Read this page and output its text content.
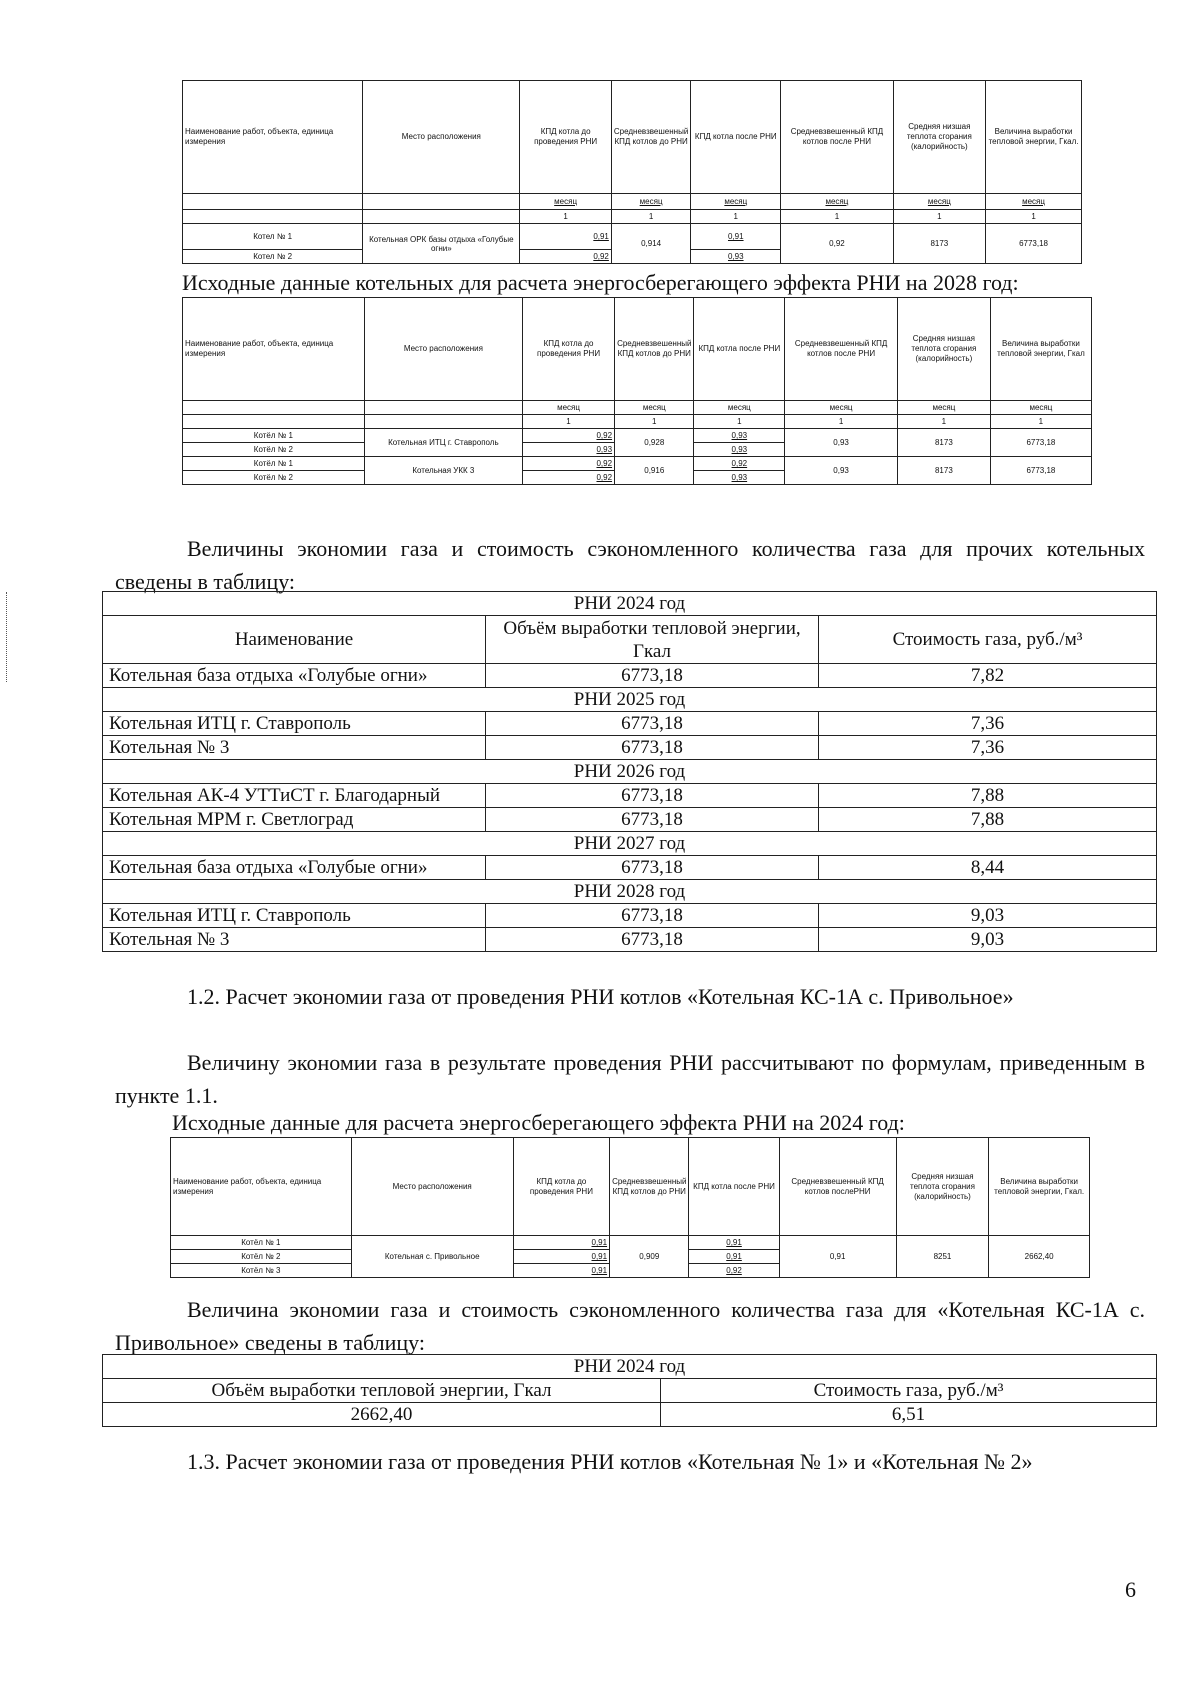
Наименование работ, объекта, единица измерения	Место расположения	КПД котла до проведения РНИ	Средневзвешенный КПД котлов до РНИ	КПД котла после РНИ	Средневзвешенный КПД котлов после РНИ	Средняя низшая теплота сгорания (калорийность)	Величина выработки тепловой энергии, Гкал.
		месяц	месяц	месяц	месяц	месяц	месяц
		1	1	1	1	1	1
Котел № 1	Котельная ОРК базы отдыха «Голубые огни»	0,91	0,914	0,91	0,92	8173	6773,18
Котел № 2		0,92		0,93			
Исходные данные котельных для расчета энергосберегающего эффекта РНИ на 2028 год:
Наименование работ, объекта, единица измерения	Место расположения	КПД котла до проведения РНИ	Средневзвешенный КПД котлов до РНИ	КПД котла после РНИ	Средневзвешенный КПД котлов после РНИ	Средняя низшая теплота сгорания (калорийность)	Величина выработки тепловой энергии, Гкал
		месяц	месяц	месяц	месяц	месяц	месяц
		1	1	1	1	1	1
Котёл № 1	Котельная ИТЦ г. Ставрополь	0,92	0,928	0,93	0,93	8173	6773,18
Котёл № 2		0,93		0,93			
Котёл № 1	Котельная УКК 3	0,92	0,916	0,92	0,93	8173	6773,18
Котёл № 2		0,92		0,93			
Величины экономии газа и стоимость сэкономленного количества газа для прочих котельных сведены в таблицу:
РНИ 2024 год		
Наименование	Объём выработки тепловой энергии, Гкал	Стоимость газа, руб./м³
Котельная база отдыха «Голубые огни»	6773,18	7,82
РНИ 2025 год		
Котельная ИТЦ г. Ставрополь	6773,18	7,36
Котельная № 3	6773,18	7,36
РНИ 2026 год		
Котельная АК-4 УТТиСТ г. Благодарный	6773,18	7,88
Котельная МРМ г. Светлоград	6773,18	7,88
РНИ 2027 год		
Котельная база отдыха «Голубые огни»	6773,18	8,44
РНИ 2028 год		
Котельная ИТЦ г. Ставрополь	6773,18	9,03
Котельная № 3	6773,18	9,03
1.2. Расчет экономии газа от проведения РНИ котлов «Котельная КС-1А с. Привольное»
Величину экономии газа в результате проведения РНИ рассчитывают по формулам, приведенным в пункте 1.1.
Исходные данные для расчета энергосберегающего эффекта РНИ на 2024 год:
Наименование работ, объекта, единица измерения	Место расположения	КПД котла до проведения РНИ	Средневзвешенный КПД котлов до РНИ	КПД котла после РНИ	Средневзвешенный КПД котлов послеРНИ	Средняя низшая теплота сгорания (калорийность)	Величина выработки тепловой энергии, Гкал.
Котёл № 1	Котельная с. Привольное	0,91	0,909	0,91	0,91	8251	2662,40
Котёл № 2		0,91		0,91			
Котёл № 3		0,91		0,92			
Величина экономии газа и стоимость сэкономленного количества газа для «Котельная КС-1А с. Привольное» сведены в таблицу:
РНИ 2024 год	
Объём выработки тепловой энергии, Гкал	Стоимость газа, руб./м³
2662,40	6,51
1.3. Расчет экономии газа от проведения РНИ котлов «Котельная № 1» и «Котельная № 2»
6
